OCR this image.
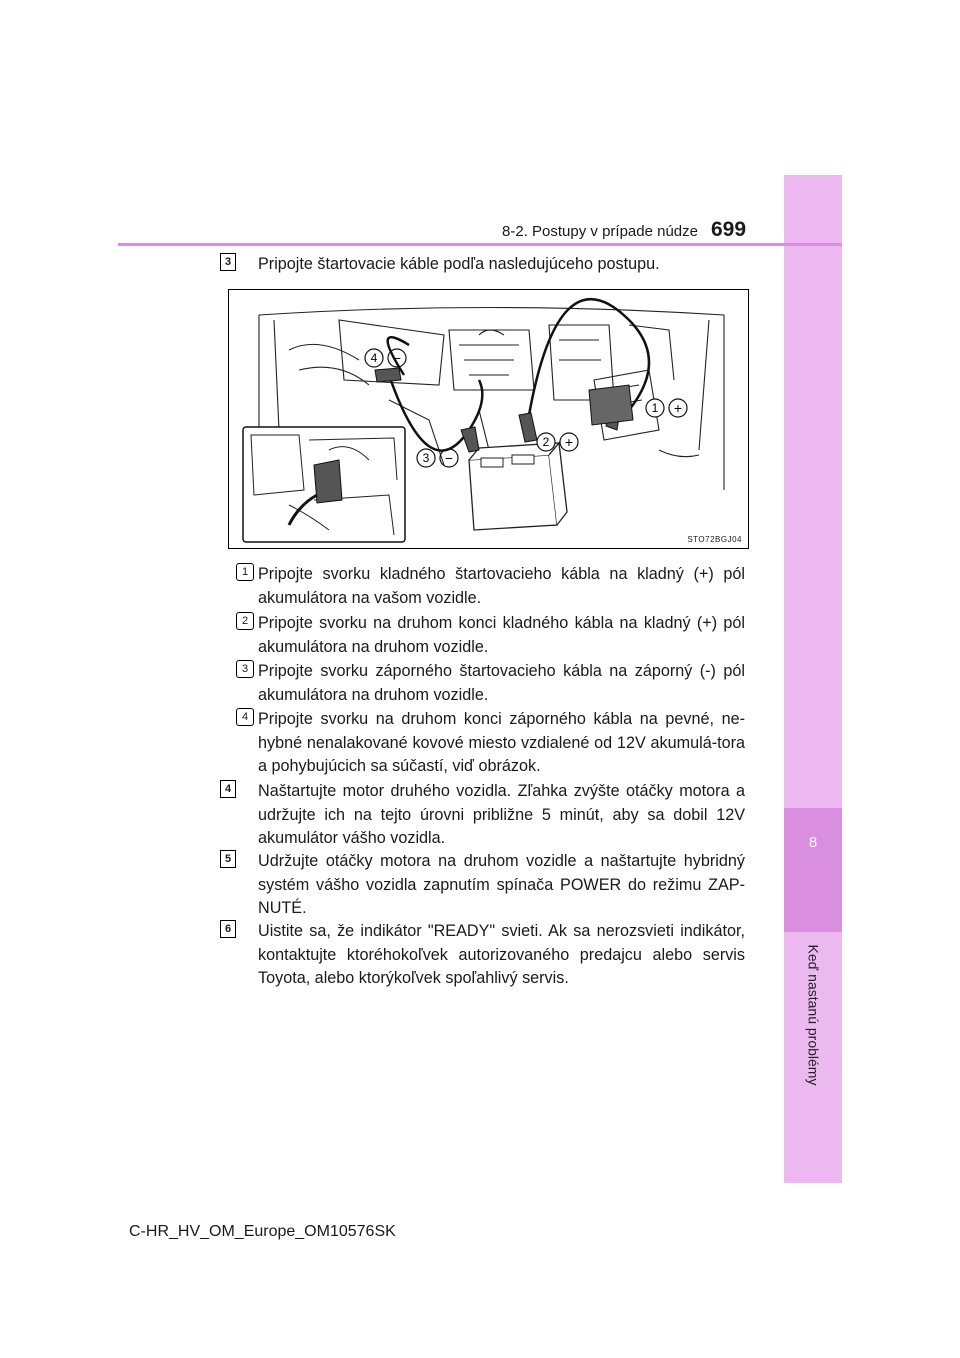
8
Keď nastanú problémy
8-2. Postupy v prípade núdze 699
3	Pripojte štartovacie káble podľa nasledujúceho postupu.
4
1
2
3
−
+
+
−
STO72BGJ04
1 Pripojte svorku kladného štartovacieho kábla na kladný (+) pól akumulátora na vašom vozidle.
2 Pripojte svorku na druhom konci kladného kábla na kladný (+) pól akumulátora na druhom vozidle.
3 Pripojte svorku záporného štartovacieho kábla na záporný (-) pól akumulátora na druhom vozidle.
4 Pripojte svorku na druhom konci záporného kábla na pevné, ne-hybné nenalakované kovové miesto vzdialené od 12V akumulá-tora a pohybujúcich sa súčastí, viď obrázok.
4	Naštartujte motor druhého vozidla. Zľahka zvýšte otáčky motora a udržujte ich na tejto úrovni približne 5 minút, aby sa dobil 12V akumulátor vášho vozidla.
5	Udržujte otáčky motora na druhom vozidle a naštartujte hybridný systém vášho vozidla zapnutím spínača POWER do režimu ZAP-NUTÉ.
6	Uistite sa, že indikátor "READY" svieti. Ak sa nerozsvieti indikátor, kontaktujte ktoréhokoľvek autorizovaného predajcu alebo servis Toyota, alebo ktorýkoľvek spoľahlivý servis.
C-HR_HV_OM_Europe_OM10576SK
